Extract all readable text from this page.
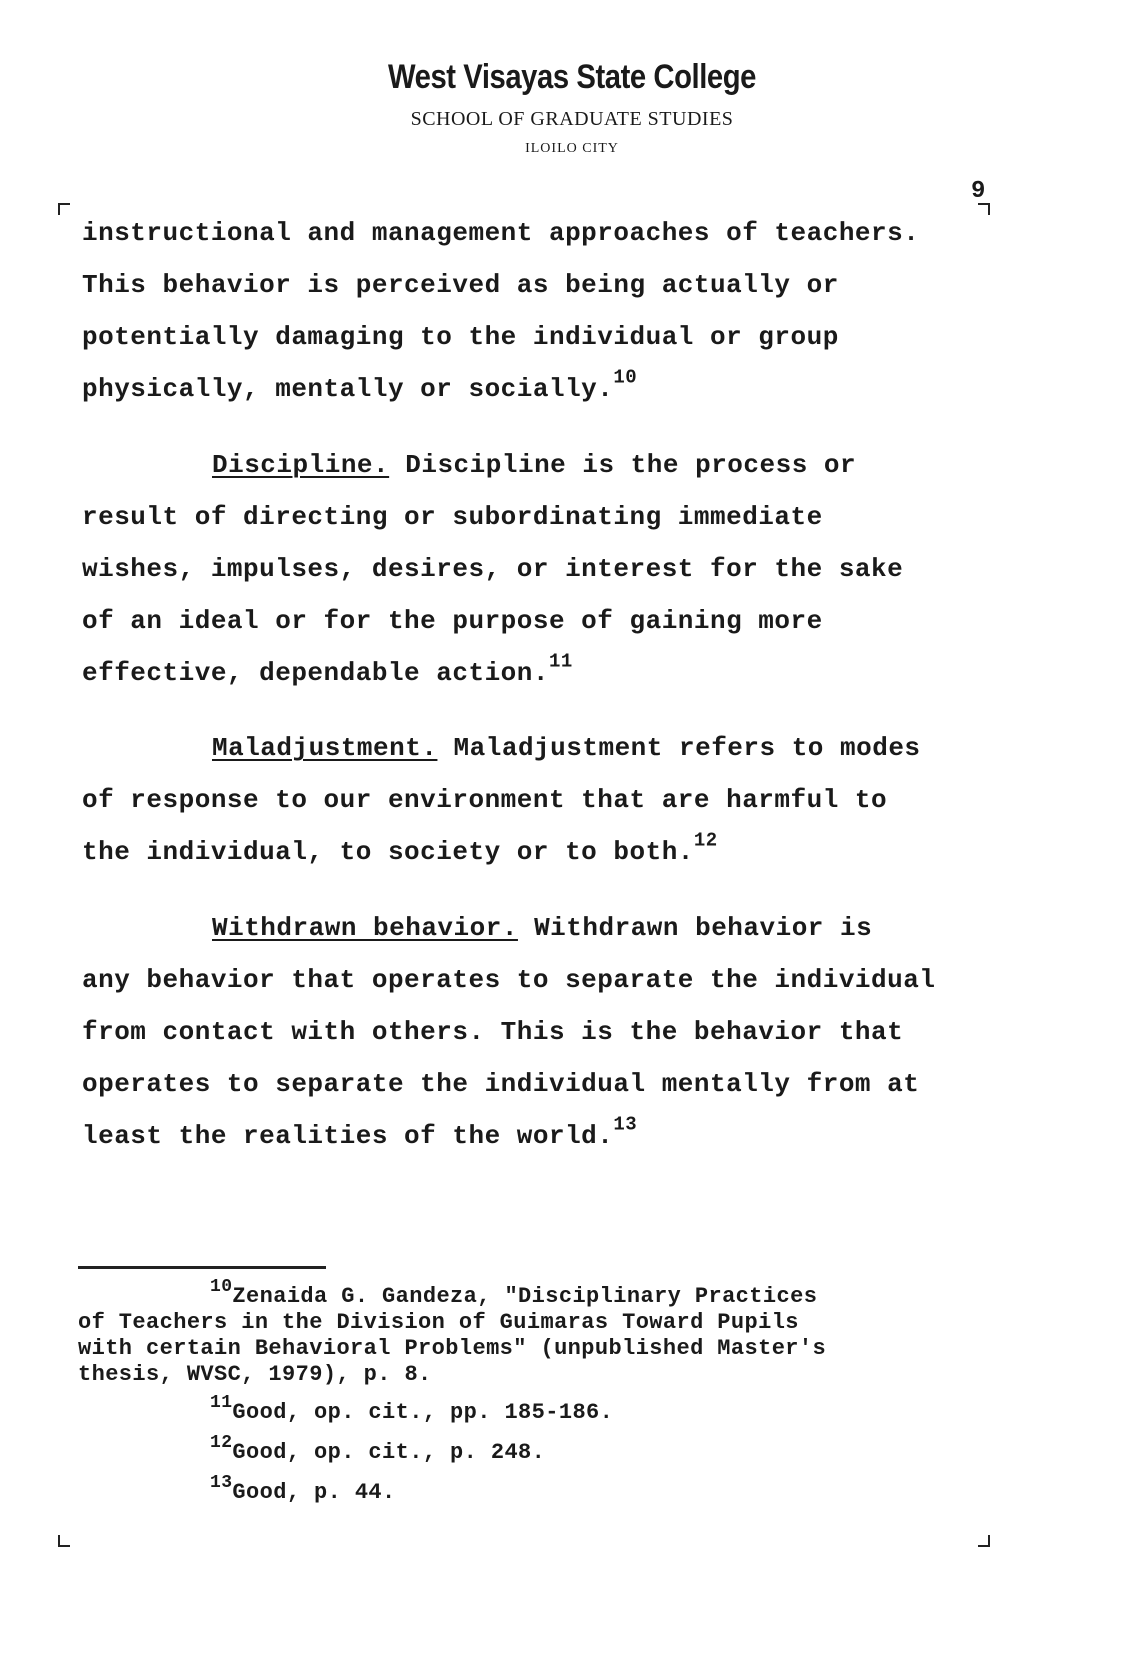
West Visayas State College
SCHOOL OF GRADUATE STUDIES
ILOILO CITY
9

instructional and management approaches of teachers.

This behavior is perceived as being actually or

potentially damaging to the individual or group

physically, mentally or socially.$^{10}$

Discipline. Discipline is the process or

result of directing or subordinating immediate

wishes, impulses, desires, or interest for the sake

of an ideal or for the purpose of gaining more

effective, dependable action.$^{11}$

Maladjustment. Maladjustment refers to modes

of response to our environment that are harmful to

the individual, to society or to both.$^{12}$

Withdrawn behavior. Withdrawn behavior is

any behavior that operates to separate the individual

from contact with others. This is the behavior that

operates to separate the individual mentally from at

least the realities of the world.$^{13}$

$^{10}$Zenaida G. Gandeza, "Disciplinary Practices

of Teachers in the Division of Guimaras Toward Pupils

with certain Behavioral Problems" (unpublished Master's

thesis, WVSC, 1979), p. 8.

$^{11}$Good, op. cit., pp. 185-186.

$^{12}$Good, op. cit., p. 248.

$^{13}$Good, p. 44.
